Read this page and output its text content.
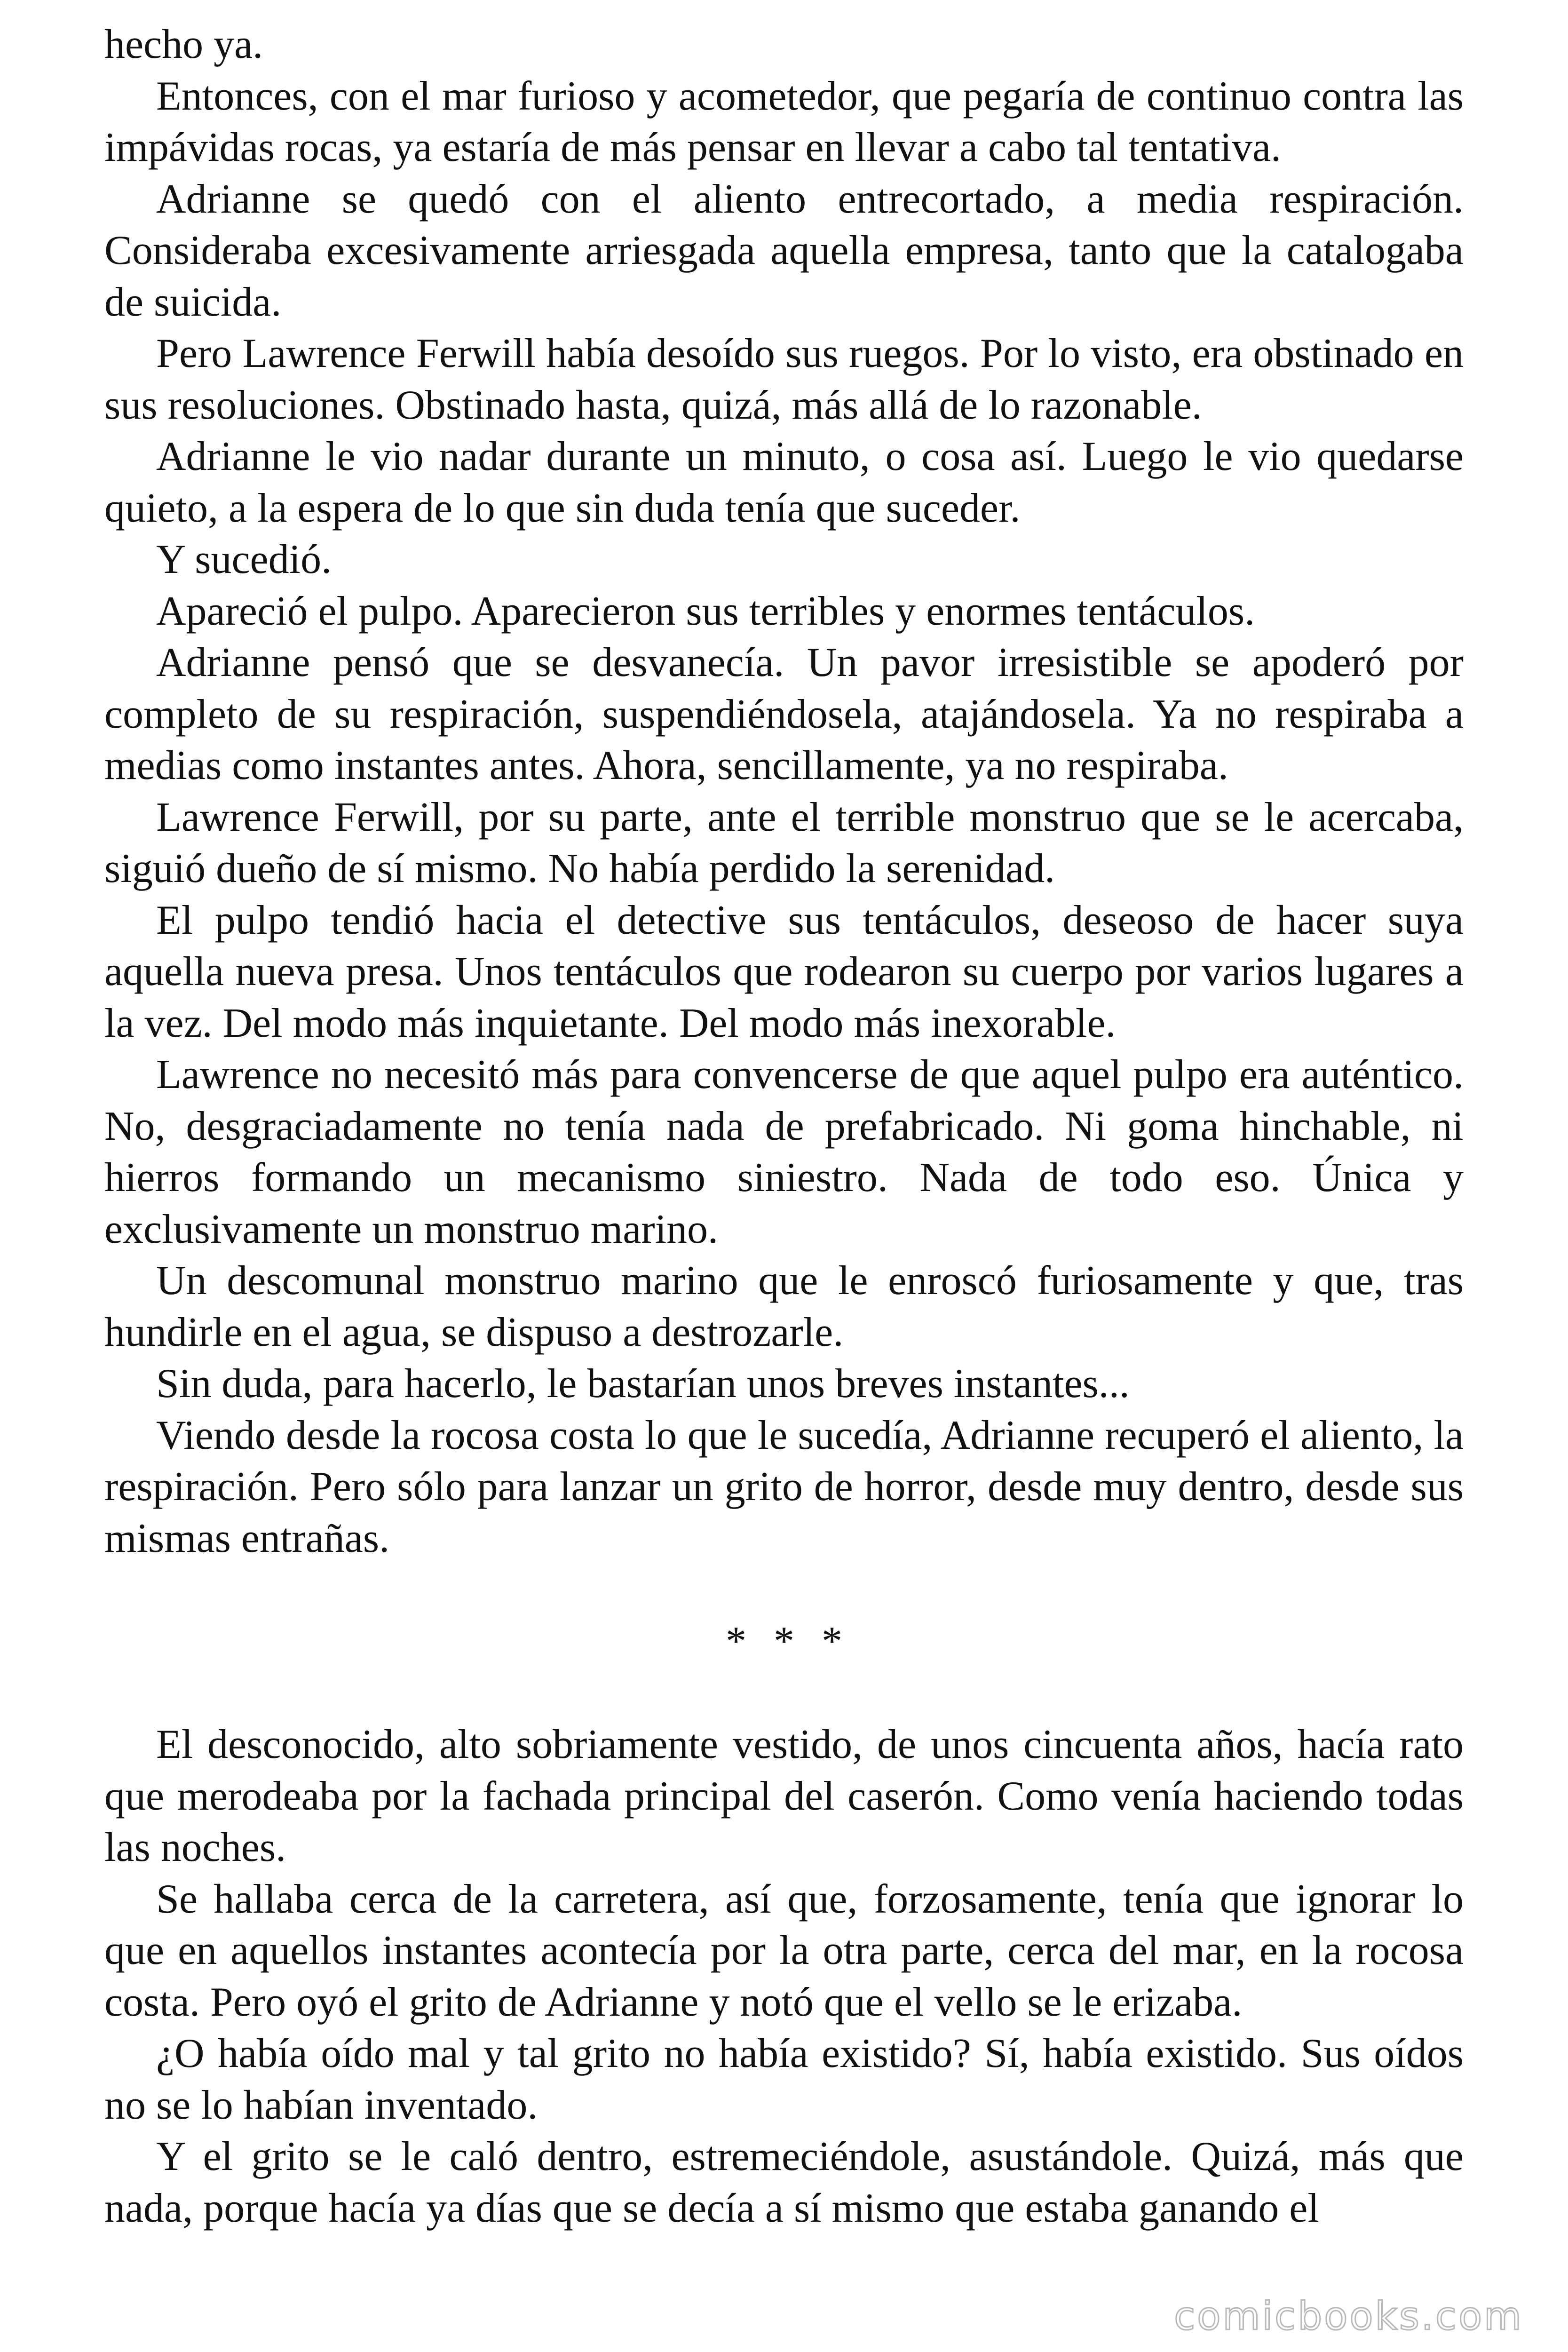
hecho ya.

Entonces, con el mar furioso y acometedor, que pegaría de continuo contra las impávidas rocas, ya estaría de más pensar en llevar a cabo tal tentativa.

Adrianne se quedó con el aliento entrecortado, a media respiración. Consideraba excesivamente arriesgada aquella empresa, tanto que la catalogaba de suicida.

Pero Lawrence Ferwill había desoído sus ruegos. Por lo visto, era obstinado en sus resoluciones. Obstinado hasta, quizá, más allá de lo razonable.

Adrianne le vio nadar durante un minuto, o cosa así. Luego le vio quedarse quieto, a la espera de lo que sin duda tenía que suceder.

Y sucedió.

Apareció el pulpo. Aparecieron sus terribles y enormes tentáculos.

Adrianne pensó que se desvanecía. Un pavor irresistible se apoderó por completo de su respiración, suspendiéndosela, atajándosela. Ya no respiraba a medias como instantes antes. Ahora, sencillamente, ya no respiraba.

Lawrence Ferwill, por su parte, ante el terrible monstruo que se le acercaba, siguió dueño de sí mismo. No había perdido la serenidad.

El pulpo tendió hacia el detective sus tentáculos, deseoso de hacer suya aquella nueva presa. Unos tentáculos que rodearon su cuerpo por varios lugares a la vez. Del modo más inquietante. Del modo más inexorable.

Lawrence no necesitó más para convencerse de que aquel pulpo era auténtico. No, desgraciadamente no tenía nada de prefabricado. Ni goma hinchable, ni hierros formando un mecanismo siniestro. Nada de todo eso. Única y exclusivamente un monstruo marino.

Un descomunal monstruo marino que le enroscó furiosamente y que, tras hundirle en el agua, se dispuso a destrozarle.

Sin duda, para hacerlo, le bastarían unos breves instantes...

Viendo desde la rocosa costa lo que le sucedía, Adrianne recuperó el aliento, la respiración. Pero sólo para lanzar un grito de horror, desde muy dentro, desde sus mismas entrañas.

* * *

El desconocido, alto sobriamente vestido, de unos cincuenta años, hacía rato que merodeaba por la fachada principal del caserón. Como venía haciendo todas las noches.

Se hallaba cerca de la carretera, así que, forzosamente, tenía que ignorar lo que en aquellos instantes acontecía por la otra parte, cerca del mar, en la rocosa costa. Pero oyó el grito de Adrianne y notó que el vello se le erizaba.

¿O había oído mal y tal grito no había existido? Sí, había existido. Sus oídos no se lo habían inventado.

Y el grito se le caló dentro, estremeciéndole, asustándole. Quizá, más que nada, porque hacía ya días que se decía a sí mismo que estaba ganando el

comicbooks.com
